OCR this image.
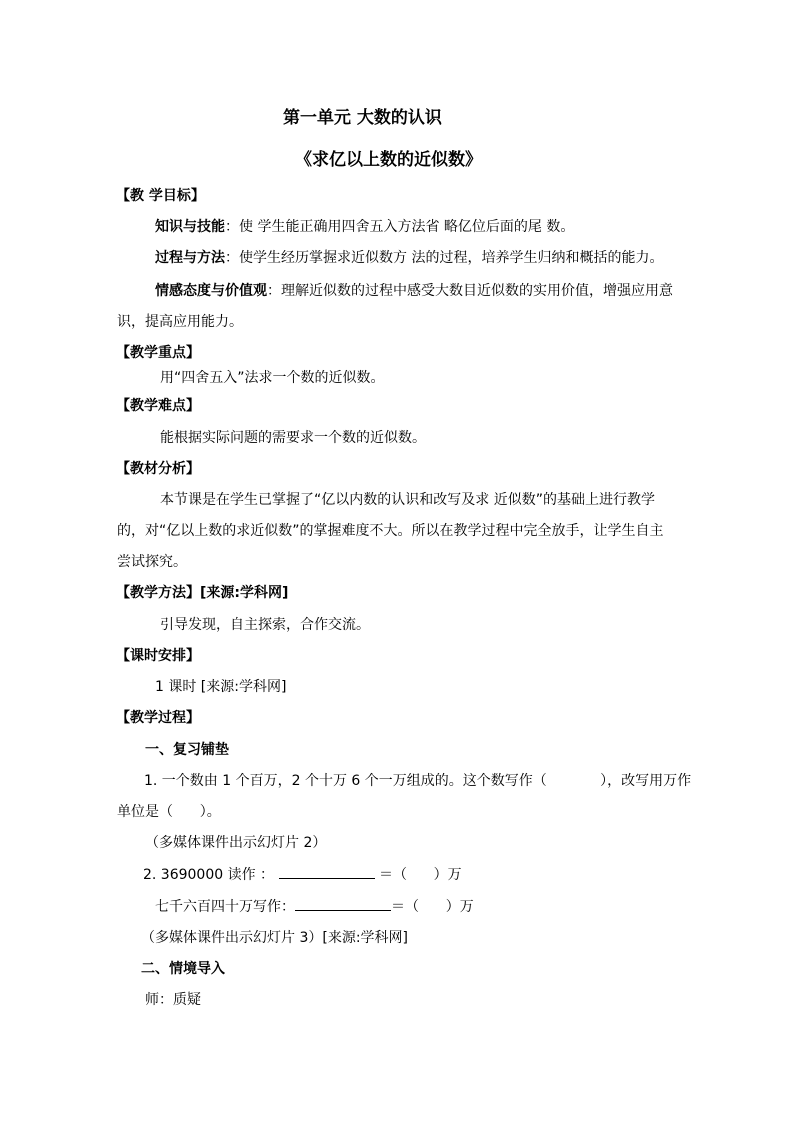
第一单元 大数的认识
《求亿以上数的近似数》
【教 学目标】
知识与技能：使 学生能正确用四舍五入方法省 略亿位后面的尾 数。
过程与方法：使学生经历掌握求近似数方 法的过程，培养学生归纳和概括的能力。
情感态度与价值观：理解近似数的过程中感受大数目近似数的实用价值，增强应用意
识，提高应用能力。
【教学重点】
用“四舍五入”法求一个数的近似数。
【教学难点】
能根据实际问题的需要求一个数的近似数。
【教材分析】
本节课是在学生已掌握了“亿以内数的认识和改写及求 近似数”的基础上进行教学
的，对“亿以上数的求近似数”的掌握难度不大。所以在教学过程中完全放手，让学生自主
尝试探究。
【教学方法】[来源:学科网]
引导发现，自主探索，合作交流。
【课时安排】
1 课时 [来源:学科网]
【教学过程】
一、复习铺垫
1. 一个数由 1 个百万，2 个十万 6 个一万组成的。这个数写作（            ），改写用万作
单位是（      ）。
（多媒体课件出示幻灯片 2）
2. 3690000 读作 ：	＝（      ）万
七千六百四十万写作：	＝（      ）万
（多媒体课件出示幻灯片 3）[来源:学科网]
二、情境导入
师：质疑
